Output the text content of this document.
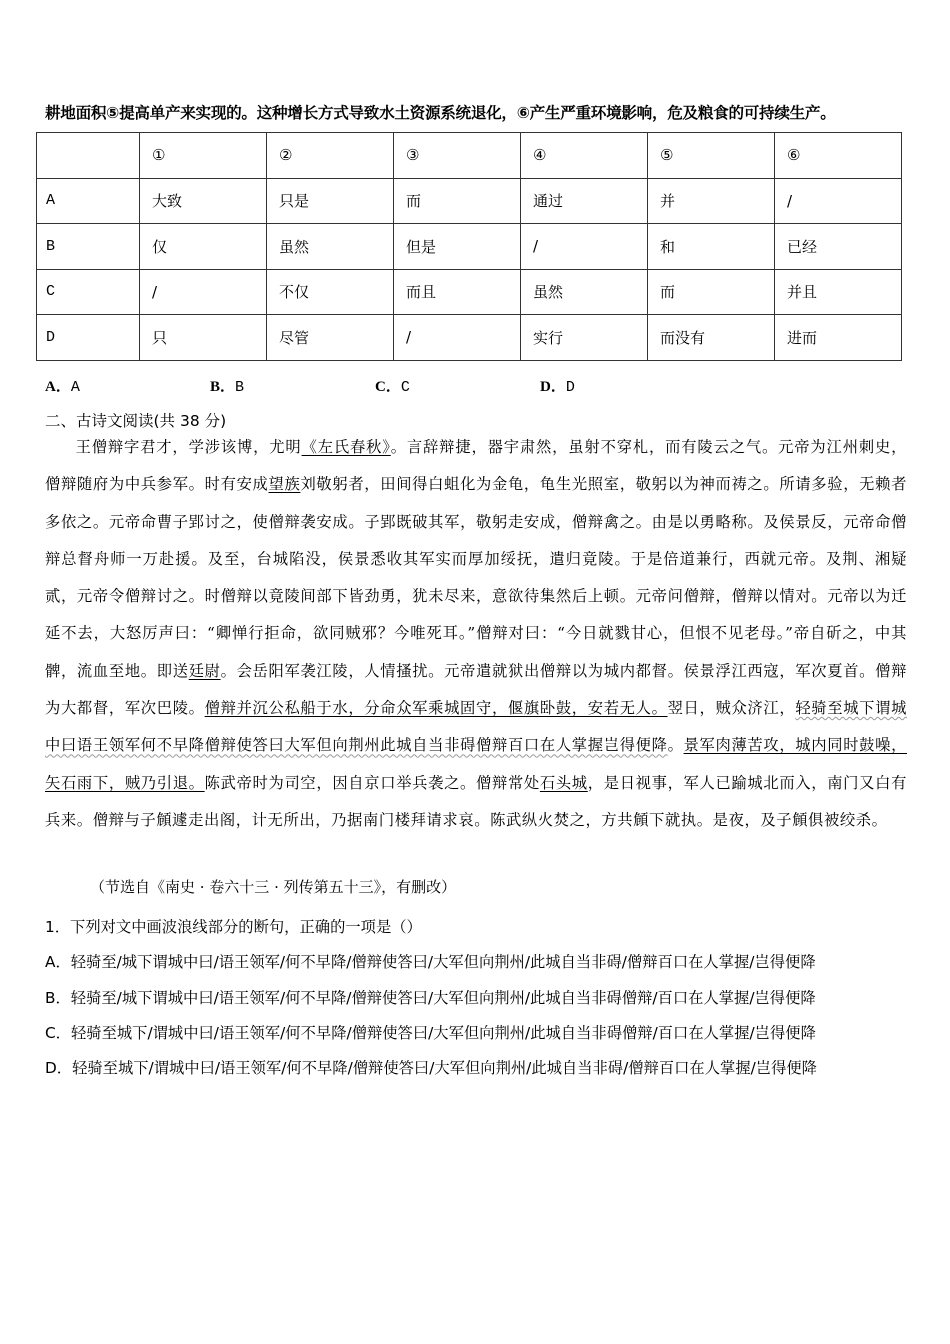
耕地面积⑤提高单产来实现的。这种增长方式导致水土资源系统退化，⑥产生严重环境影响，危及粮食的可持续生产。
	①	②	③	④	⑤	⑥
A	大致	只是	而	通过	并	/
B	仅	虽然	但是	/	和	已经
C	/	不仅	而且	虽然	而	并且
D	只	尽管	/	实行	而没有	进而
A．A	B．B	C．C	D．D
二、古诗文阅读(共 38 分)

王僧辩字君才，学涉该博，尤明《左氏春秋》。言辞辩捷，器宇肃然，虽射不穿札，而有陵云之气。元帝为江州刺史，僧辩随府为中兵参军。时有安成望族刘敬躬者，田间得白蛆化为金龟，龟生光照室，敬躬以为神而祷之。所请多验，无赖者多依之。元帝命曹子郢讨之，使僧辩袭安成。子郢既破其军，敬躬走安成，僧辩禽之。由是以勇略称。及侯景反，元帝命僧辩总督舟师一万赴援。及至，台城陷没，侯景悉收其军实而厚加绥抚，遣归竟陵。于是倍道兼行，西就元帝。及荆、湘疑贰，元帝令僧辩讨之。时僧辩以竟陵间部下皆劲勇，犹未尽来，意欲待集然后上顿。元帝问僧辩，僧辩以情对。元帝以为迁延不去，大怒厉声曰：“卿惮行拒命，欲同贼邪？今唯死耳。”僧辩对曰：“今日就戮甘心，但恨不见老母。”帝自斫之，中其髀，流血至地。即送廷尉。会岳阳军袭江陵，人情搔扰。元帝遣就狱出僧辩以为城内都督。侯景浮江西寇，军次夏首。僧辩为大都督，军次巴陵。僧辩并沉公私船于水，分命众军乘城固守，偃旗卧鼓，安若无人。翌日，贼众济江，轻骑至城下谓城中曰语王领军何不早降僧辩使答曰大军但向荆州此城自当非碍僧辩百口在人掌握岂得便降。景军肉薄苦攻，城内同时鼓噪，矢石雨下，贼乃引退。陈武帝时为司空，因自京口举兵袭之。僧辩常处石头城，是日视事，军人已踰城北而入，南门又白有兵来。僧辩与子頠遽走出阁，计无所出，乃据南门楼拜请求哀。陈武纵火焚之，方共頠下就执。是夜，及子頠俱被绞杀。

（节选自《南史 · 卷六十三 · 列传第五十三》，有删改）

1．下列对文中画波浪线部分的断句，正确的一项是（）

A．轻骑至/城下谓城中曰/语王领军/何不早降/僧辩使答曰/大军但向荆州/此城自当非碍/僧辩百口在人掌握/岂得便降

B．轻骑至/城下谓城中曰/语王领军/何不早降/僧辩使答曰/大军但向荆州/此城自当非碍僧辩/百口在人掌握/岂得便降

C．轻骑至城下/谓城中曰/语王领军/何不早降/僧辩使答曰/大军但向荆州/此城自当非碍僧辩/百口在人掌握/岂得便降

D．轻骑至城下/谓城中曰/语王领军/何不早降/僧辩使答曰/大军但向荆州/此城自当非碍/僧辩百口在人掌握/岂得便降
